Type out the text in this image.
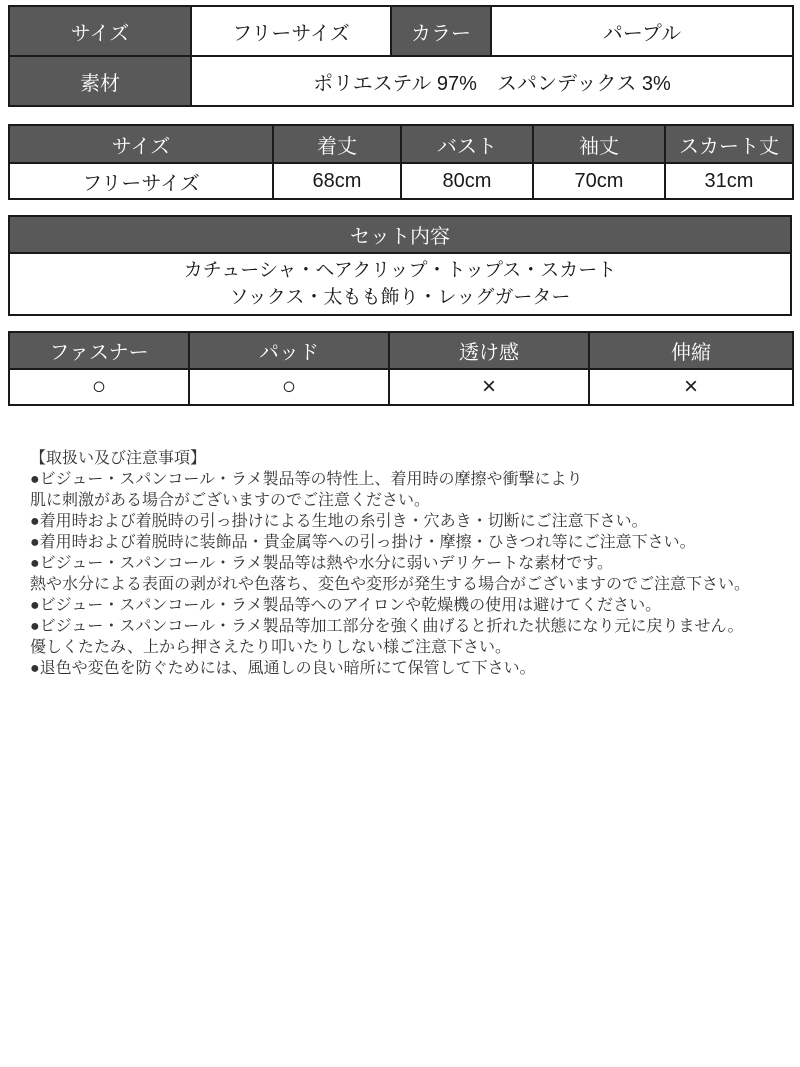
サイズ	フリーサイズ	カラー	パープル
素材	ポリエステル 97%　スパンデックス 3%		
サイズ	着丈	バスト	袖丈	スカート丈
フリーサイズ	68cm	80cm	70cm	31cm
セット内容

カチューシャ・ヘアクリップ・トップス・スカート
ソックス・太もも飾り・レッグガーター
ファスナー	パッド	透け感	伸縮
○	○	×	×
【取扱い及び注意事項】
●ビジュー・スパンコール・ラメ製品等の特性上、着用時の摩擦や衝撃により
肌に刺激がある場合がございますのでご注意ください。
●着用時および着脱時の引っ掛けによる生地の糸引き・穴あき・切断にご注意下さい。
●着用時および着脱時に装飾品・貴金属等への引っ掛け・摩擦・ひきつれ等にご注意下さい。
●ビジュー・スパンコール・ラメ製品等は熱や水分に弱いデリケートな素材です。
熱や水分による表面の剥がれや色落ち、変色や変形が発生する場合がございますのでご注意下さい。
●ビジュー・スパンコール・ラメ製品等へのアイロンや乾燥機の使用は避けてください。
●ビジュー・スパンコール・ラメ製品等加工部分を強く曲げると折れた状態になり元に戻りません。
優しくたたみ、上から押さえたり叩いたりしない様ご注意下さい。
●退色や変色を防ぐためには、風通しの良い暗所にて保管して下さい。
